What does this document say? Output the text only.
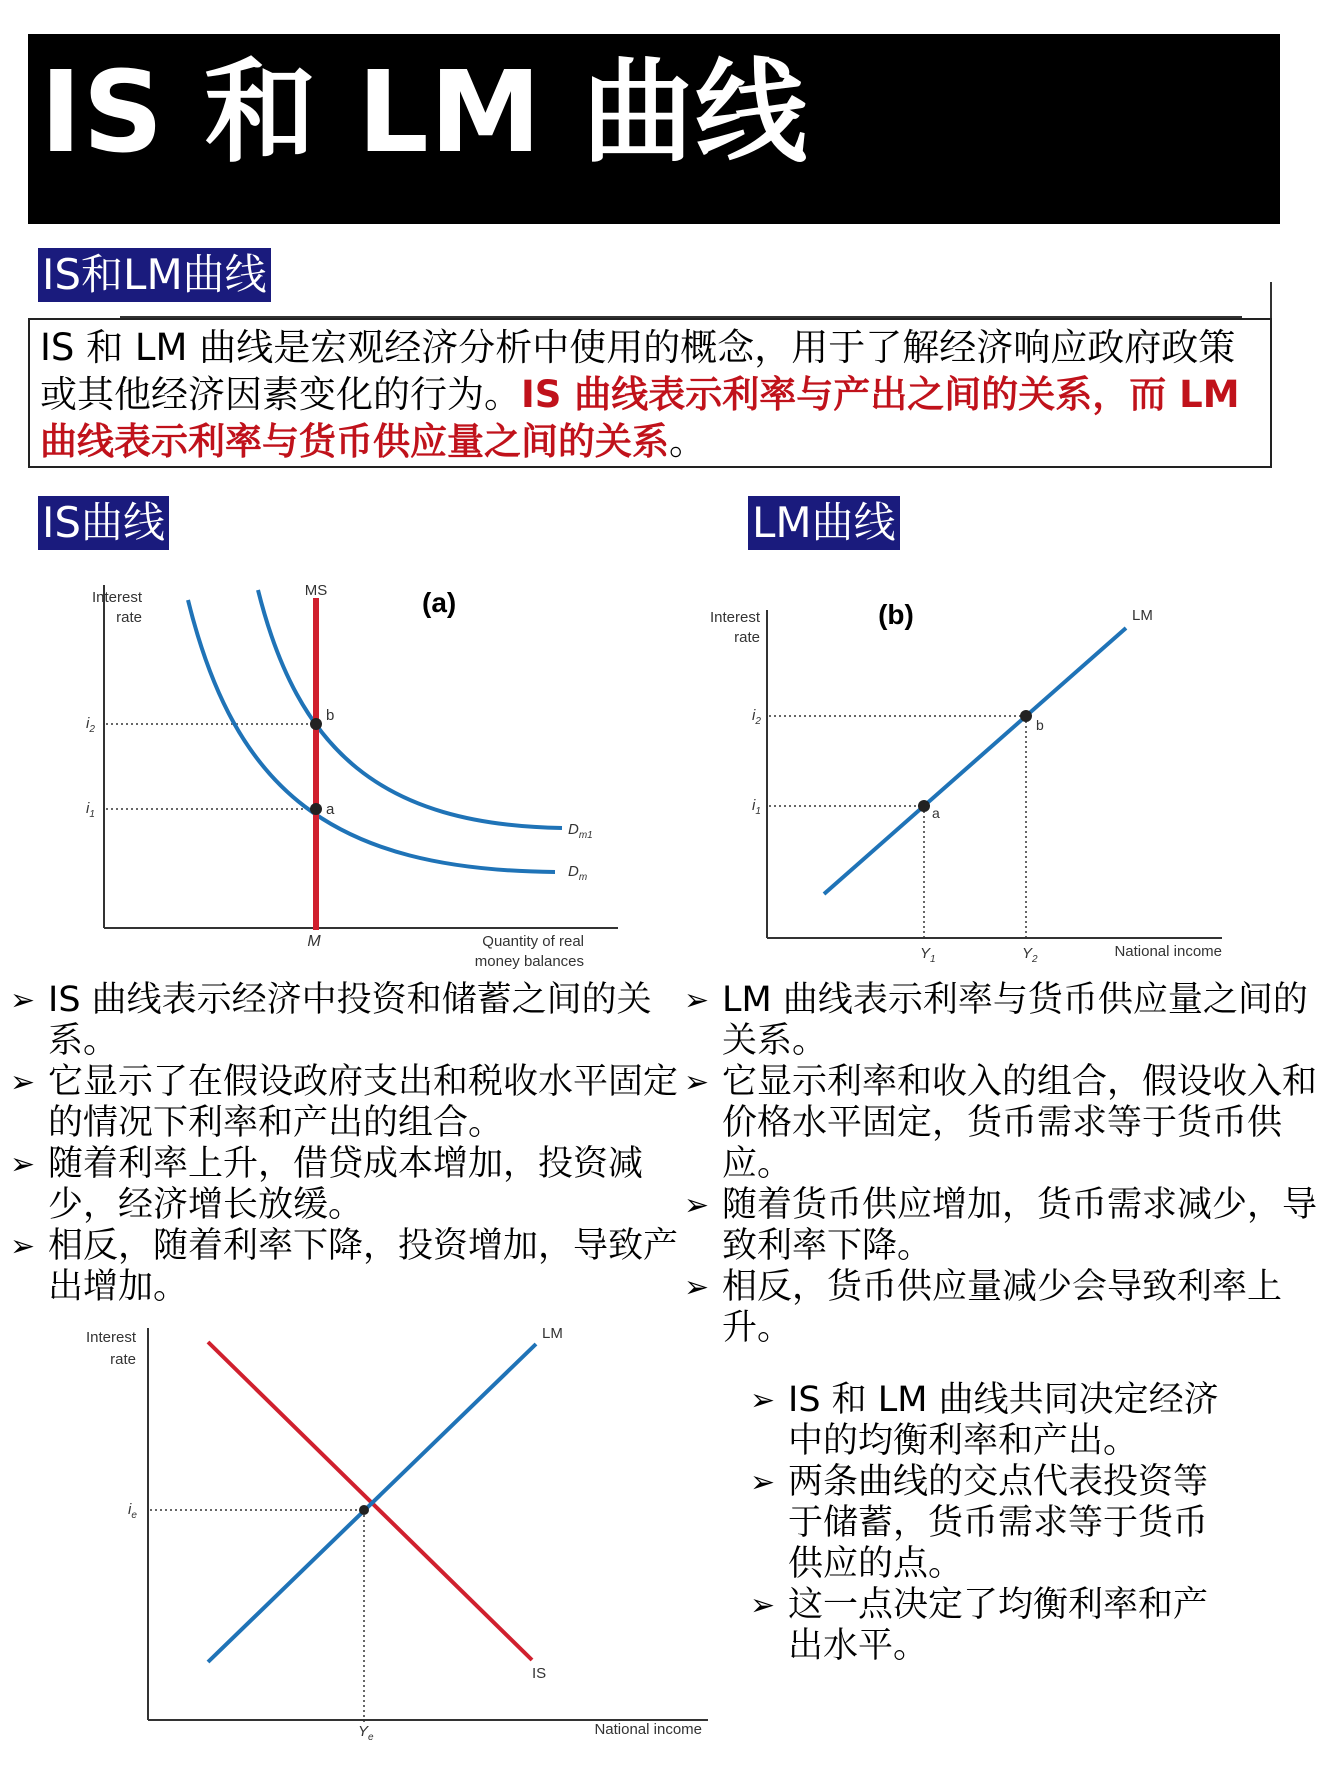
IS 和 LM 曲线
IS和LM曲线
IS 和 LM 曲线是宏观经济分析中使用的概念，用于了解经济响应政府政策或其他经济因素变化的行为。IS 曲线表示利率与产出之间的关系，而 LM 曲线表示利率与货币供应量之间的关系。
IS曲线	LM曲线
Interest
rate	(a)
b
a
MS
$i_2$
$i_1$
$D_{m1}$
$D_m$
M	Quantity of real
money balances
Interest
rate
(b)
b
a
LM
$i_2$
$i_1$
$Y_1$	$Y_2$	National income
➢ IS 曲线表示经济中投资和储蓄之间的关系。
➢ 它显示了在假设政府支出和税收水平固定的情况下利率和产出的组合。
➢ 随着利率上升，借贷成本增加，投资减少，经济增长放缓。
➢ 相反，随着利率下降，投资增加，导致产出增加。
➢ LM 曲线表示利率与货币供应量之间的关系。
➢ 它显示利率和收入的组合，假设收入和价格水平固定，货币需求等于货币供应。
➢ 随着货币供应增加，货币需求减少，导致利率下降。
➢ 相反，货币供应量减少会导致利率上升。
Interest
rate
LM
IS
$i_e$
$Y_e$	National income
➢ IS 和 LM 曲线共同决定经济中的均衡利率和产出。
➢ 两条曲线的交点代表投资等于储蓄，货币需求等于货币供应的点。
➢ 这一点决定了均衡利率和产出水平。
